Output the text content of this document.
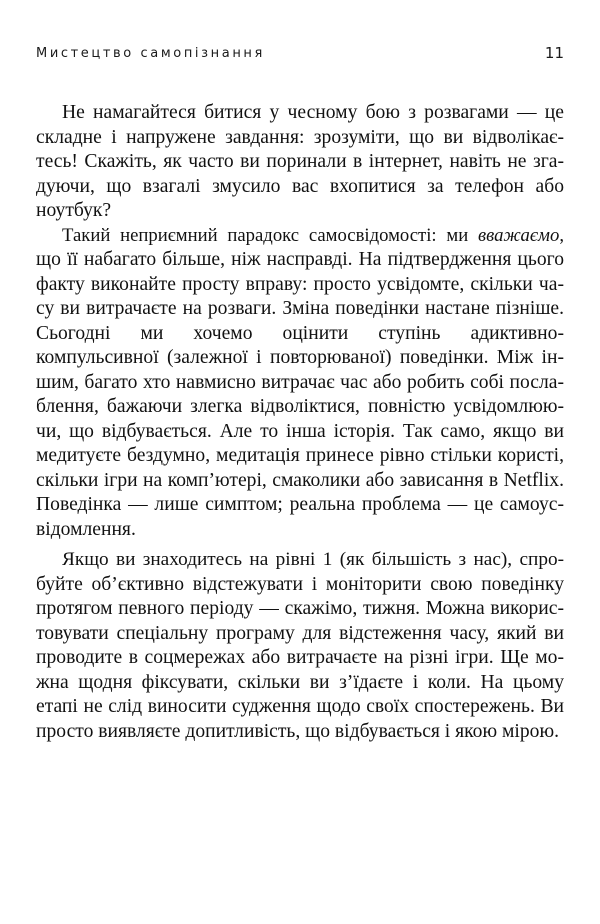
Мистецтво самопізнання	11

Не намагайтеся битися у чесному бою з розвагами — це
складне і напружене завдання: зрозуміти, що ви відволікає-
тесь! Скажіть, як часто ви поринали в інтернет, навіть не зга-
дуючи, що взагалі змусило вас вхопитися за телефон або
ноутбук?

Такий неприємний парадокс самосвідомості: ми вважаємо,
що її набагато більше, ніж насправді. На підтвердження цього
факту виконайте просту вправу: просто усвідомте, скільки ча-
су ви витрачаєте на розваги. Зміна поведінки настане пізніше.
Сьогодні ми хочемо оцінити ступінь адиктивно-
компульсивної (залежної і повторюваної) поведінки. Між ін-
шим, багато хто навмисно витрачає час або робить собі посла-
блення, бажаючи злегка відволіктися, повністю усвідомлюю-
чи, що відбувається. Але то інша історія. Так само, якщо ви
медитуєте бездумно, медитація принесе рівно стільки користі,
скільки ігри на комп’ютері, смаколики або зависання в Netflix.
Поведінка — лише симптом; реальна проблема — це самоус-
відомлення.

Якщо ви знаходитесь на рівні 1 (як більшість з нас), спро-
буйте об’єктивно відстежувати і моніторити свою поведінку
протягом певного періоду — скажімо, тижня. Можна викорис-
товувати спеціальну програму для відстеження часу, який ви
проводите в соцмережах або витрачаєте на різні ігри. Ще мо-
жна щодня фіксувати, скільки ви з’їдаєте і коли. На цьому
етапі не слід виносити судження щодо своїх спостережень. Ви
просто виявляєте допитливість, що відбувається і якою мірою.
